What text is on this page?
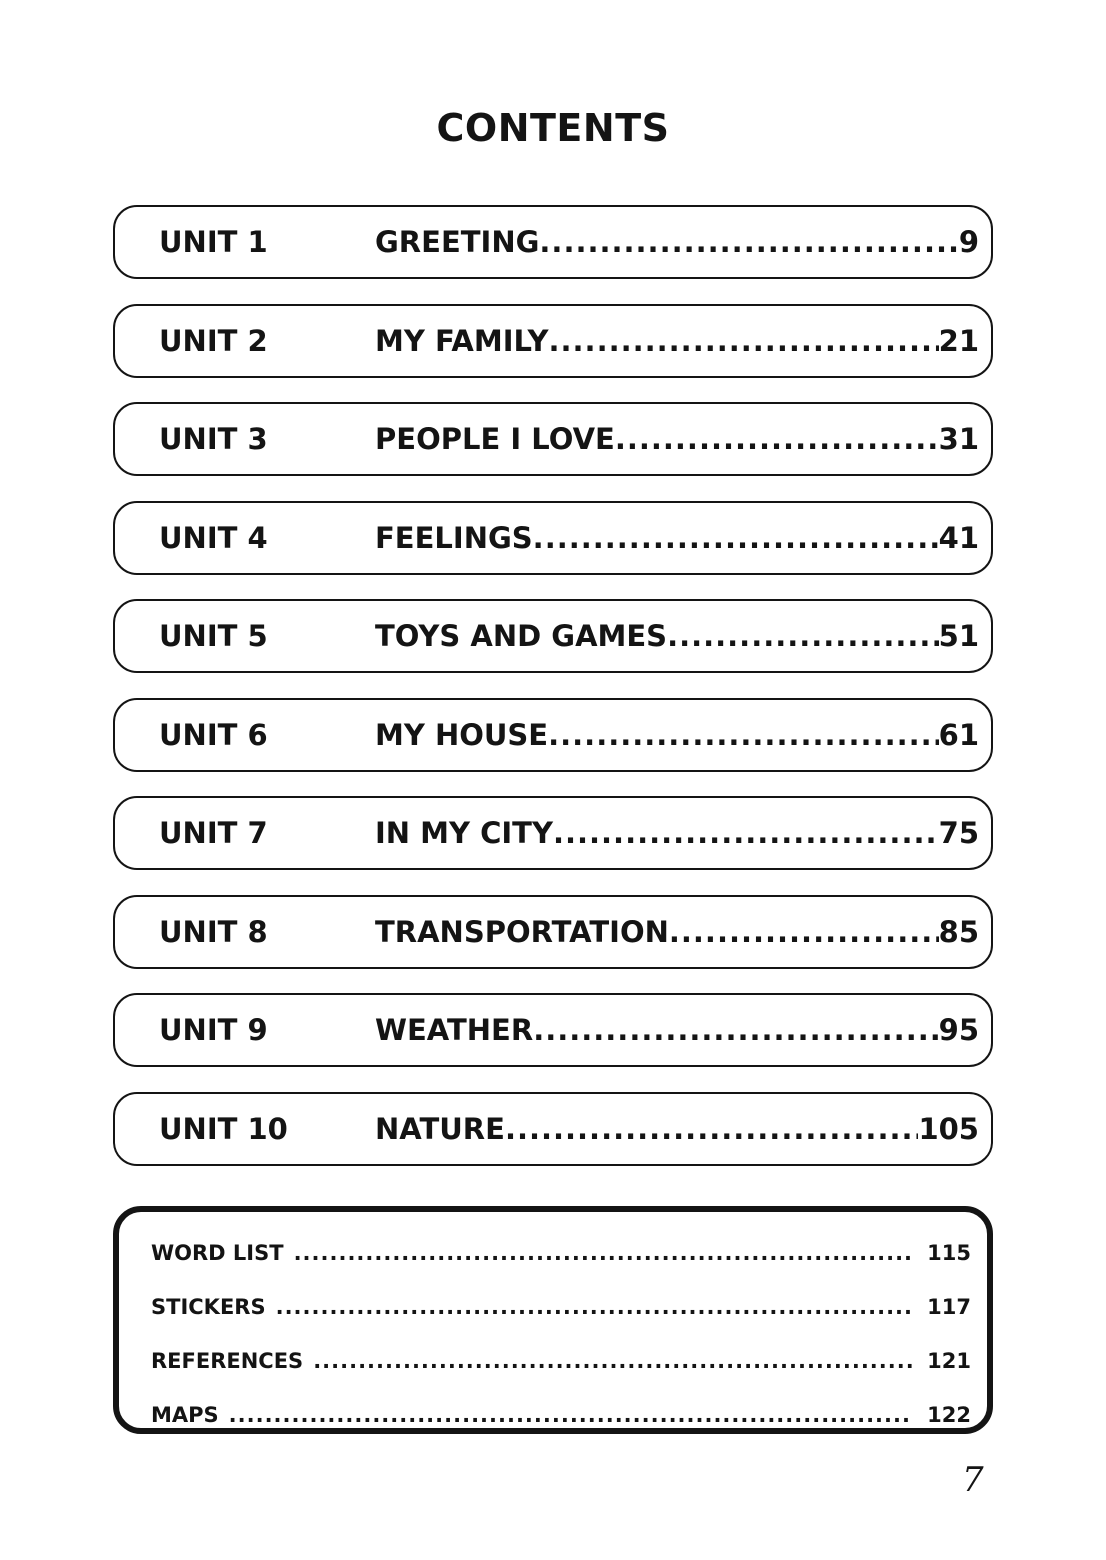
CONTENTS
UNIT 1	GREETING .....	9
UNIT 2	MY FAMILY .....	21
UNIT 3	PEOPLE I LOVE .....	31
UNIT 4	FEELINGS .....	41
UNIT 5	TOYS AND GAMES .....	51
UNIT 6	MY HOUSE .....	61
UNIT 7	IN MY CITY .....	75
UNIT 8	TRANSPORTATION .....	85
UNIT 9	WEATHER .....	95
UNIT 10	NATURE .....	105
WORD LIST .....	115
STICKERS .....	117
REFERENCES .....	121
MAPS .....	122
7
